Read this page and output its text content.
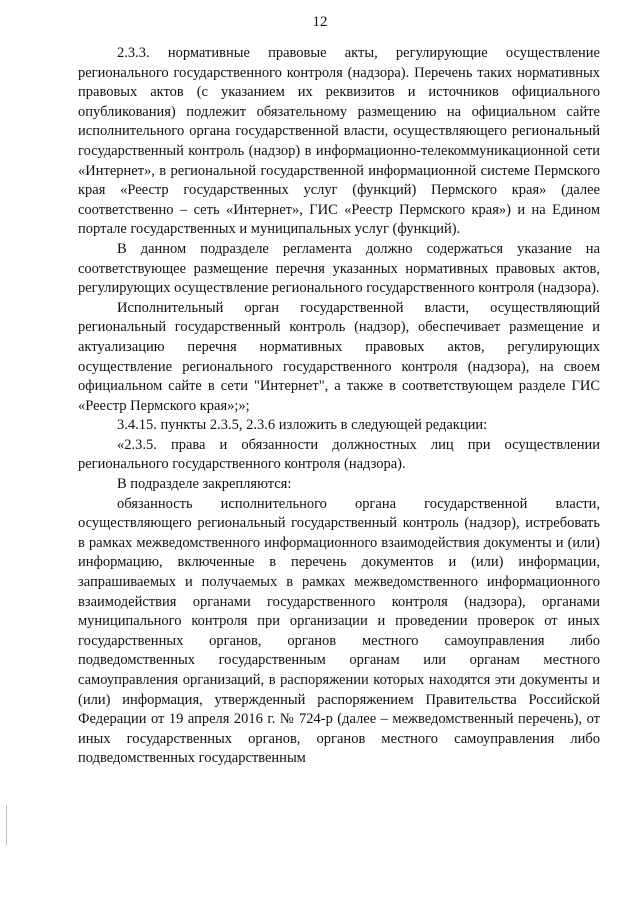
12

2.3.3. нормативные правовые акты, регулирующие осуществление регионального государственного контроля (надзора). Перечень таких нормативных правовых актов (с указанием их реквизитов и источников официального опубликования) подлежит обязательному размещению на официальном сайте исполнительного органа государственной власти, осуществляющего региональный государственный контроль (надзор) в информационно-телекоммуникационной сети «Интернет», в региональной государственной информационной системе Пермского края «Реестр государственных услуг (функций) Пермского края» (далее соответственно – сеть «Интернет», ГИС «Реестр Пермского края») и на Едином портале государственных и муниципальных услуг (функций).

В данном подразделе регламента должно содержаться указание на соответствующее размещение перечня указанных нормативных правовых актов, регулирующих осуществление регионального государственного контроля (надзора).

Исполнительный орган государственной власти, осуществляющий региональный государственный контроль (надзор), обеспечивает размещение и актуализацию перечня нормативных правовых актов, регулирующих осуществление регионального государственного контроля (надзора), на своем официальном сайте в сети "Интернет", а также в соответствующем разделе ГИС «Реестр Пермского края»;»;

3.4.15. пункты 2.3.5, 2.3.6 изложить в следующей редакции:

«2.3.5. права и обязанности должностных лиц при осуществлении регионального государственного контроля (надзора).

В подразделе закрепляются:

обязанность исполнительного органа государственной власти, осуществляющего региональный государственный контроль (надзор), истребовать в рамках межведомственного информационного взаимодействия документы и (или) информацию, включенные в перечень документов и (или) информации, запрашиваемых и получаемых в рамках межведомственного информационного взаимодействия органами государственного контроля (надзора), органами муниципального контроля при организации и проведении проверок от иных государственных органов, органов местного самоуправления либо подведомственных государственным органам или органам местного самоуправления организаций, в распоряжении которых находятся эти документы и (или) информация, утвержденный распоряжением Правительства Российской Федерации от 19 апреля 2016 г. № 724-р (далее – межведомственный перечень), от иных государственных органов, органов местного самоуправления либо подведомственных государственным
